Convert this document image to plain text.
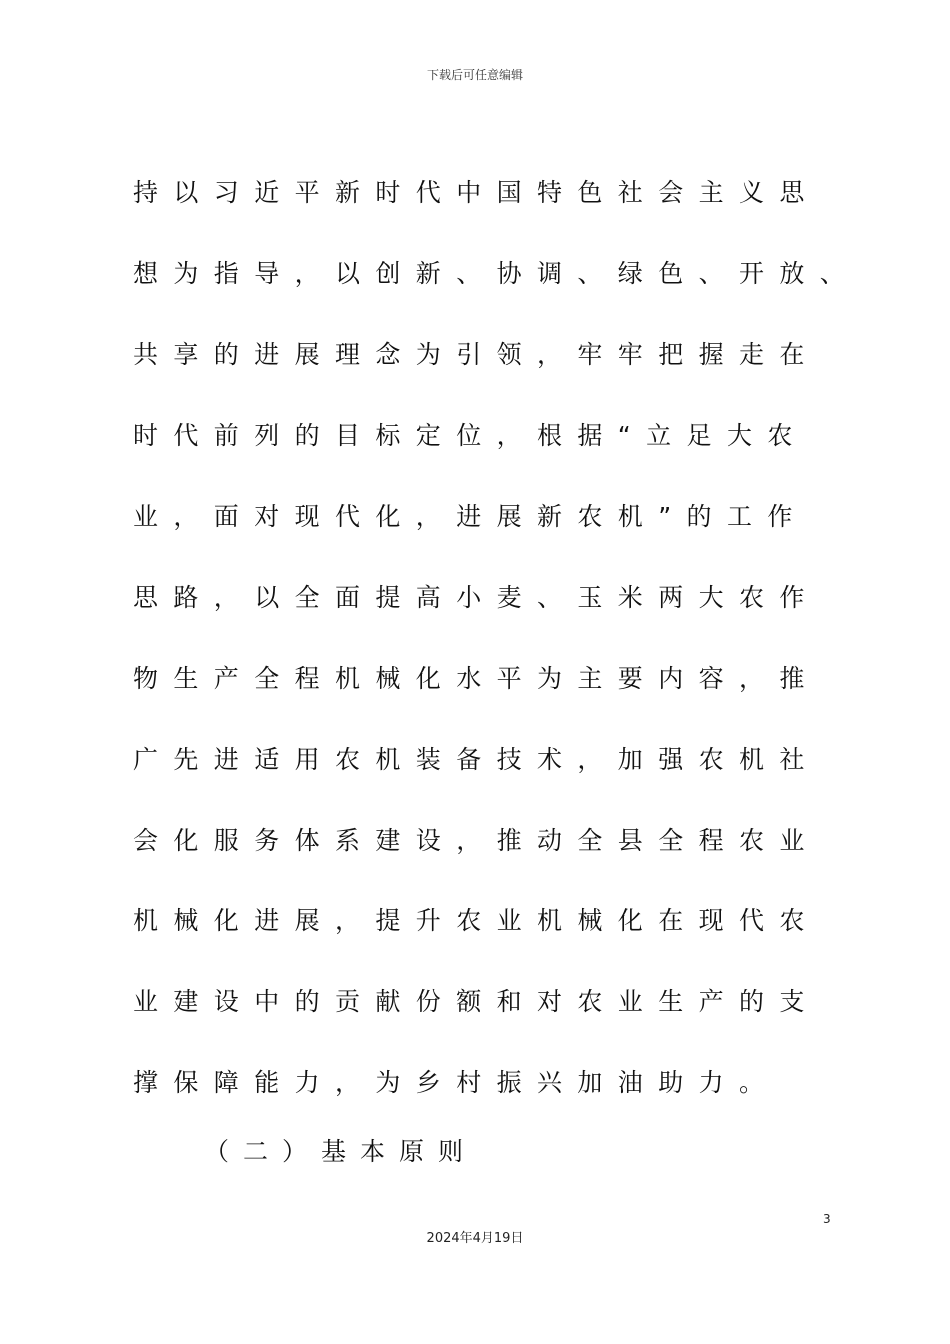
下载后可任意编辑

持以习近平新时代中国特色社会主义思

想为指导，以创新、协调、绿色、开放、

共享的进展理念为引领，牢牢把握走在

时代前列的目标定位，根据“立足大农

业，面对现代化，进展新农机”的工作

思路，以全面提高小麦、玉米两大农作

物生产全程机械化水平为主要内容，推

广先进适用农机装备技术，加强农机社

会化服务体系建设，推动全县全程农业

机械化进展，提升农业机械化在现代农

业建设中的贡献份额和对农业生产的支

撑保障能力，为乡村振兴加油助力。

（二）基本原则
3
2024年4月19日
